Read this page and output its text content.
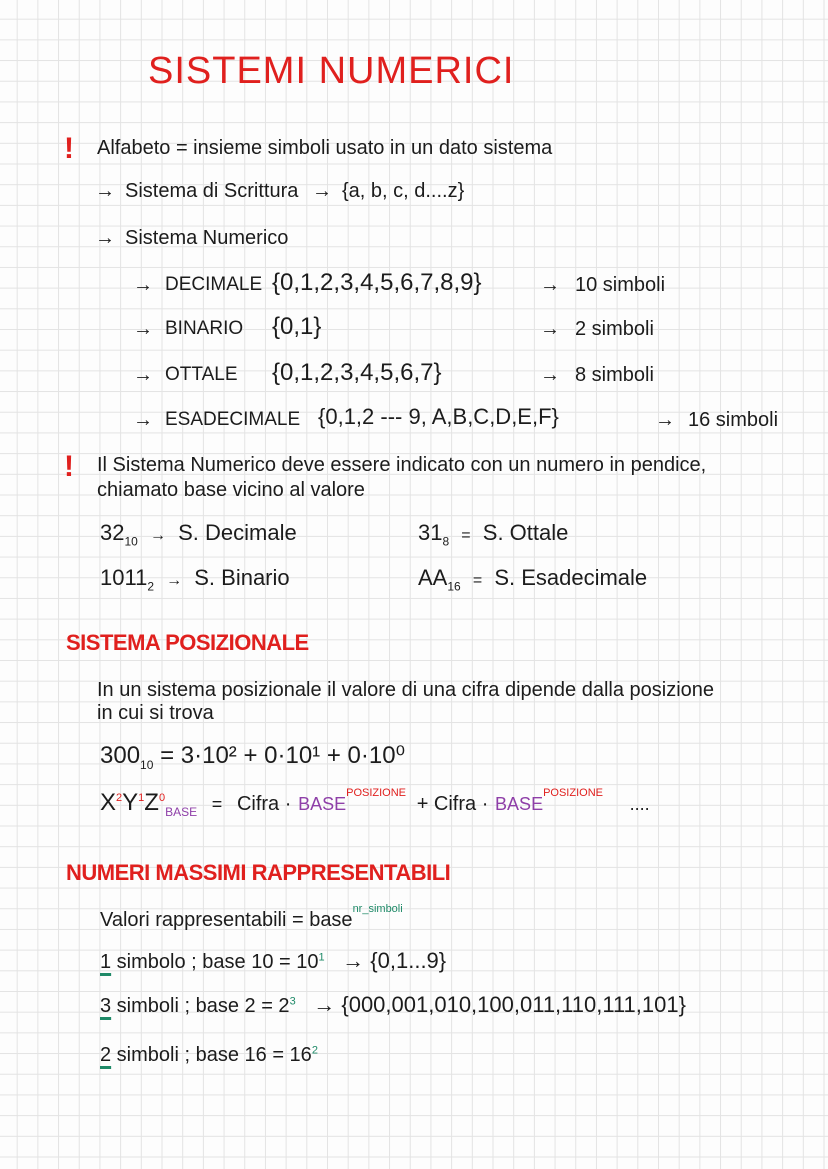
SISTEMI NUMERICI
! Alfabeto = insieme simboli usato in un dato sistema
→ Sistema di Scrittura → {a, b, c, d....z}
→ Sistema Numerico
→ DECIMALE {0,1,2,3,4,5,6,7,8,9}	→ 10 simboli
→ BINARIO {0,1}	→ 2 simboli
→ OTTALE {0,1,2,3,4,5,6,7}	→ 8 simboli
→ ESADECIMALE {0,1,2 --- 9, A,B,C,D,E,F}	→ 16 simboli
! Il Sistema Numerico deve essere indicato con un numero in pendice,
chiamato base vicino al valore
$32_{10} \to S$. Decimale	$31_8 = S$. Ottale
$1011_2 \to S$. Binario	$AA_{16} = S$. Esadecimale
SISTEMA POSIZIONALE
In un sistema posizionale il valore di una cifra dipende dalla posizione
in cui si trova
$300_{10} = 3\cdot 10^2 + 0\cdot 10^1 + 0\cdot 10^0$
$X^2Y^1Z^0_{BASE}$ = Cifra · $BASE^{POSIZIONE}$ + Cifra · $BASE^{POSIZIONE}$ ....
NUMERI MASSIMI RAPPRESENTABILI
Valori rappresentabili = base$^{nr\_simboli}$
1 simbolo ; base $10 = 10^1 \to \{0,1...9\}$
3 simboli ; base $2 = 2^3 \to \{000,001,010,100,011,110,111,101\}$
2 simboli ; base $16 = 16^2$
